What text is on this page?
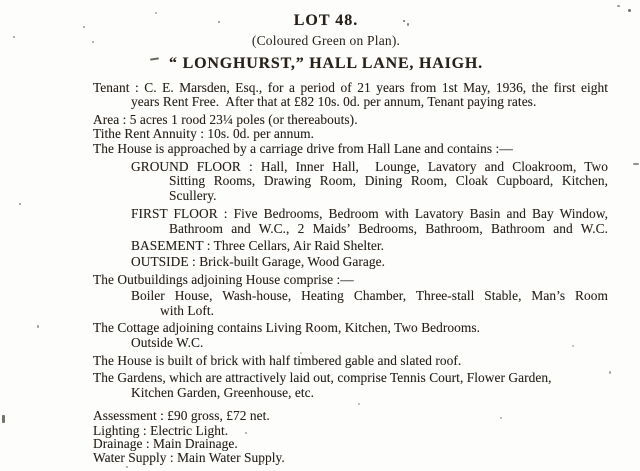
LOT 48.
(Coloured Green on Plan).
“ LONGHURST,” HALL LANE, HAIGH.
Tenant : C. E. Marsden, Esq., for a period of 21 years from 1st May, 1936, the first eight
years Rent Free.  After that at £82 10s. 0d. per annum, Tenant paying rates.
Area : 5 acres 1 rood 23¼ poles (or thereabouts).
Tithe Rent Annuity : 10s. 0d. per annum.
The House is approached by a carriage drive from Hall Lane and contains :—
GROUND FLOOR : Hall, Inner Hall,  Lounge, Lavatory and Cloakroom, Two
Sitting Rooms, Drawing Room, Dining Room, Cloak Cupboard, Kitchen,
Scullery.
FIRST FLOOR : Five Bedrooms, Bedroom with Lavatory Basin and Bay Window,
Bathroom and W.C., 2 Maids’ Bedrooms, Bathroom, Bathroom and W.C.
BASEMENT : Three Cellars, Air Raid Shelter.
OUTSIDE : Brick-built Garage, Wood Garage.
The Outbuildings adjoining House comprise :—
Boiler House, Wash-house, Heating Chamber, Three-stall Stable, Man’s Room
with Loft.
The Cottage adjoining contains Living Room, Kitchen, Two Bedrooms.
Outside W.C.
The House is built of brick with half timbered gable and slated roof.
The Gardens, which are attractively laid out, comprise Tennis Court, Flower Garden,
Kitchen Garden, Greenhouse, etc.
Assessment : £90 gross, £72 net.
Lighting : Electric Light.
Drainage : Main Drainage.
Water Supply : Main Water Supply.
